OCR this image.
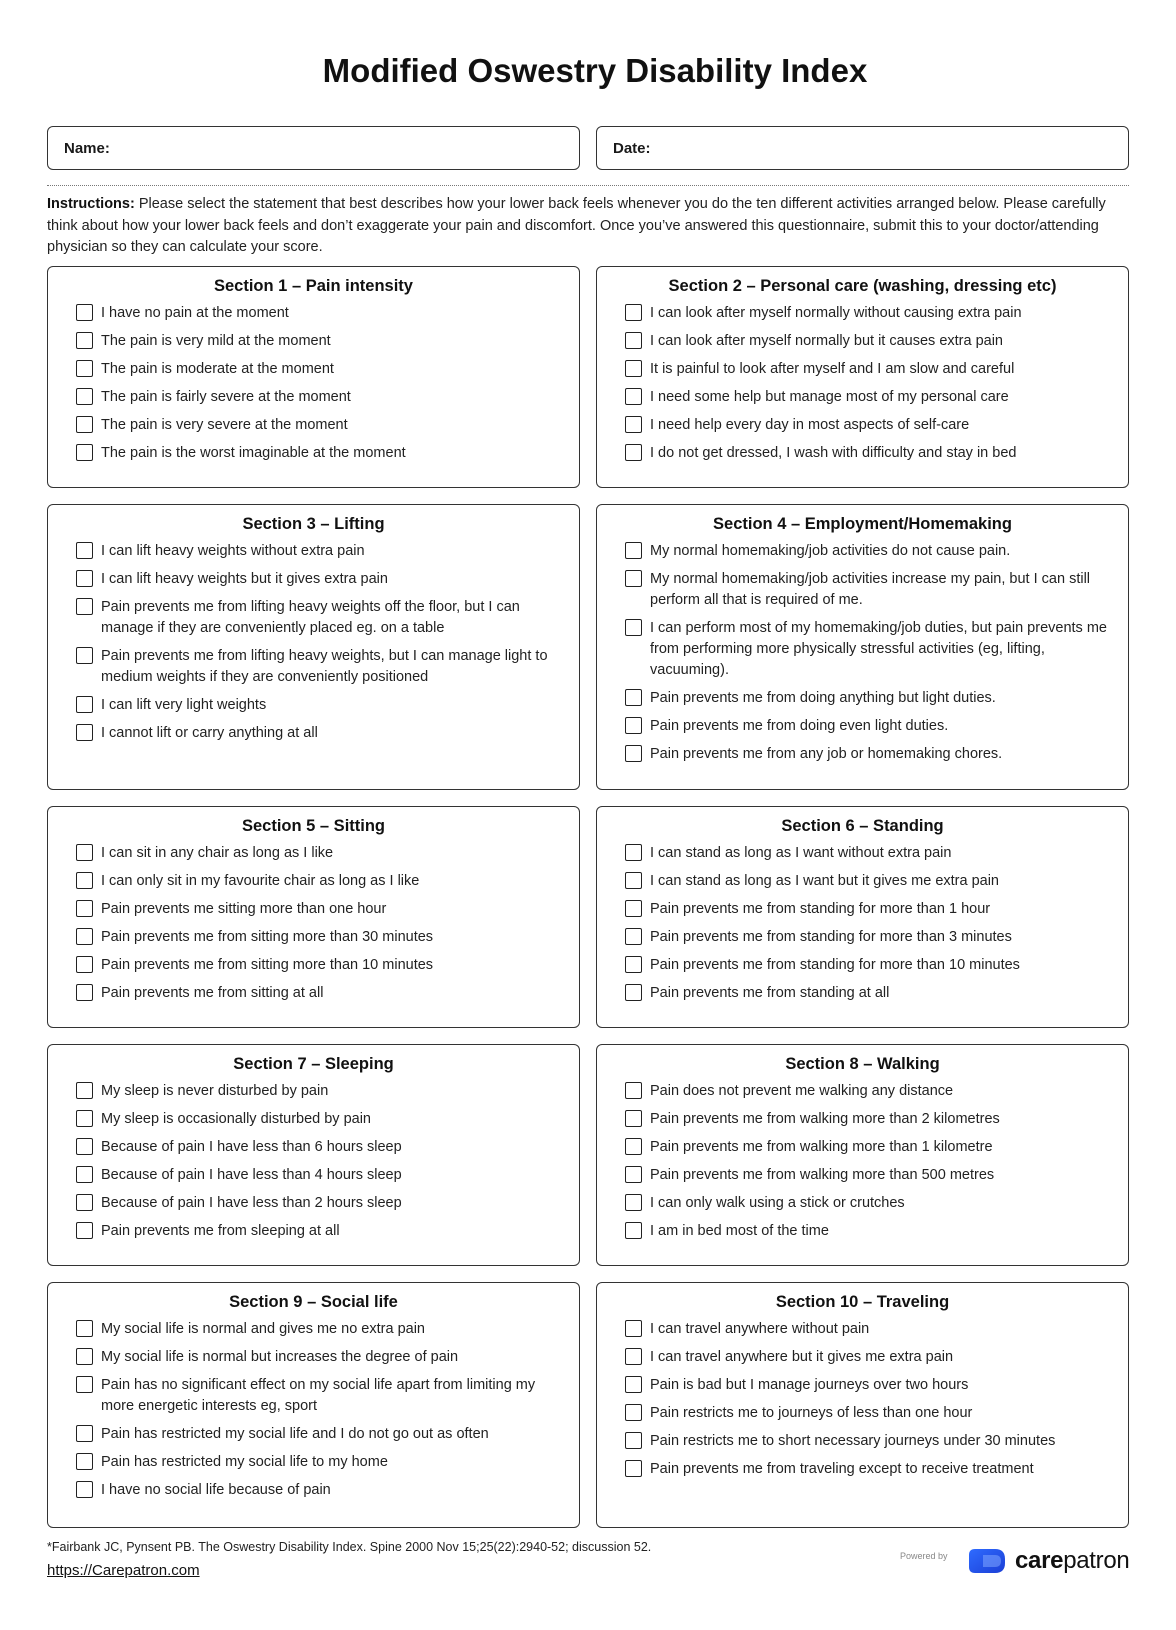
Modified Oswestry Disability Index
Name:	Date:
Instructions: Please select the statement that best describes how your lower back feels whenever you do the ten different activities arranged below. Please carefully think about how your lower back feels and don’t exaggerate your pain and discomfort. Once you’ve answered this questionnaire, submit this to your doctor/attending physician so they can calculate your score.
Section 1 – Pain intensity
I have no pain at the moment
The pain is very mild at the moment
The pain is moderate at the moment
The pain is fairly severe at the moment
The pain is very severe at the moment
The pain is the worst imaginable at the moment
Section 2 – Personal care (washing, dressing etc)
I can look after myself normally without causing extra pain
I can look after myself normally but it causes extra pain
It is painful to look after myself and I am slow and careful
I need some help but manage most of my personal care
I need help every day in most aspects of self-care
I do not get dressed, I wash with difficulty and stay in bed
Section 3 – Lifting
I can lift heavy weights without extra pain
I can lift heavy weights but it gives extra pain
Pain prevents me from lifting heavy weights off the floor, but I can manage if they are conveniently placed eg. on a table
Pain prevents me from lifting heavy weights, but I can manage light to medium weights if they are conveniently positioned
I can lift very light weights
I cannot lift or carry anything at all
Section 4 – Employment/Homemaking
My normal homemaking/job activities do not cause pain.
My normal homemaking/job activities increase my pain, but I can still perform all that is required of me.
I can perform most of my homemaking/job duties, but pain prevents me from performing more physically stressful activities (eg, lifting, vacuuming).
Pain prevents me from doing anything but light duties.
Pain prevents me from doing even light duties.
Pain prevents me from any job or homemaking chores.
Section 5 – Sitting
I can sit in any chair as long as I like
I can only sit in my favourite chair as long as I like
Pain prevents me sitting more than one hour
Pain prevents me from sitting more than 30 minutes
Pain prevents me from sitting more than 10 minutes
Pain prevents me from sitting at all
Section 6 – Standing
I can stand as long as I want without extra pain
I can stand as long as I want but it gives me extra pain
Pain prevents me from standing for more than 1 hour
Pain prevents me from standing for more than 3 minutes
Pain prevents me from standing for more than 10 minutes
Pain prevents me from standing at all
Section 7 – Sleeping
My sleep is never disturbed by pain
My sleep is occasionally disturbed by pain
Because of pain I have less than 6 hours sleep
Because of pain I have less than 4 hours sleep
Because of pain I have less than 2 hours sleep
Pain prevents me from sleeping at all
Section 8 – Walking
Pain does not prevent me walking any distance
Pain prevents me from walking more than 2 kilometres
Pain prevents me from walking more than 1 kilometre
Pain prevents me from walking more than 500 metres
I can only walk using a stick or crutches
I am in bed most of the time
Section 9 – Social life
My social life is normal and gives me no extra pain
My social life is normal but increases the degree of pain
Pain has no significant effect on my social life apart from limiting my more energetic interests eg, sport
Pain has restricted my social life and I do not go out as often
Pain has restricted my social life to my home
I have no social life because of pain
Section 10 – Traveling
I can travel anywhere without pain
I can travel anywhere but it gives me extra pain
Pain is bad but I manage journeys over two hours
Pain restricts me to journeys of less than one hour
Pain restricts me to short necessary journeys under 30 minutes
Pain prevents me from traveling except to receive treatment
*Fairbank JC, Pynsent PB. The Oswestry Disability Index. Spine 2000 Nov 15;25(22):2940-52; discussion 52.
https://Carepatron.com
Powered by	carepatron
